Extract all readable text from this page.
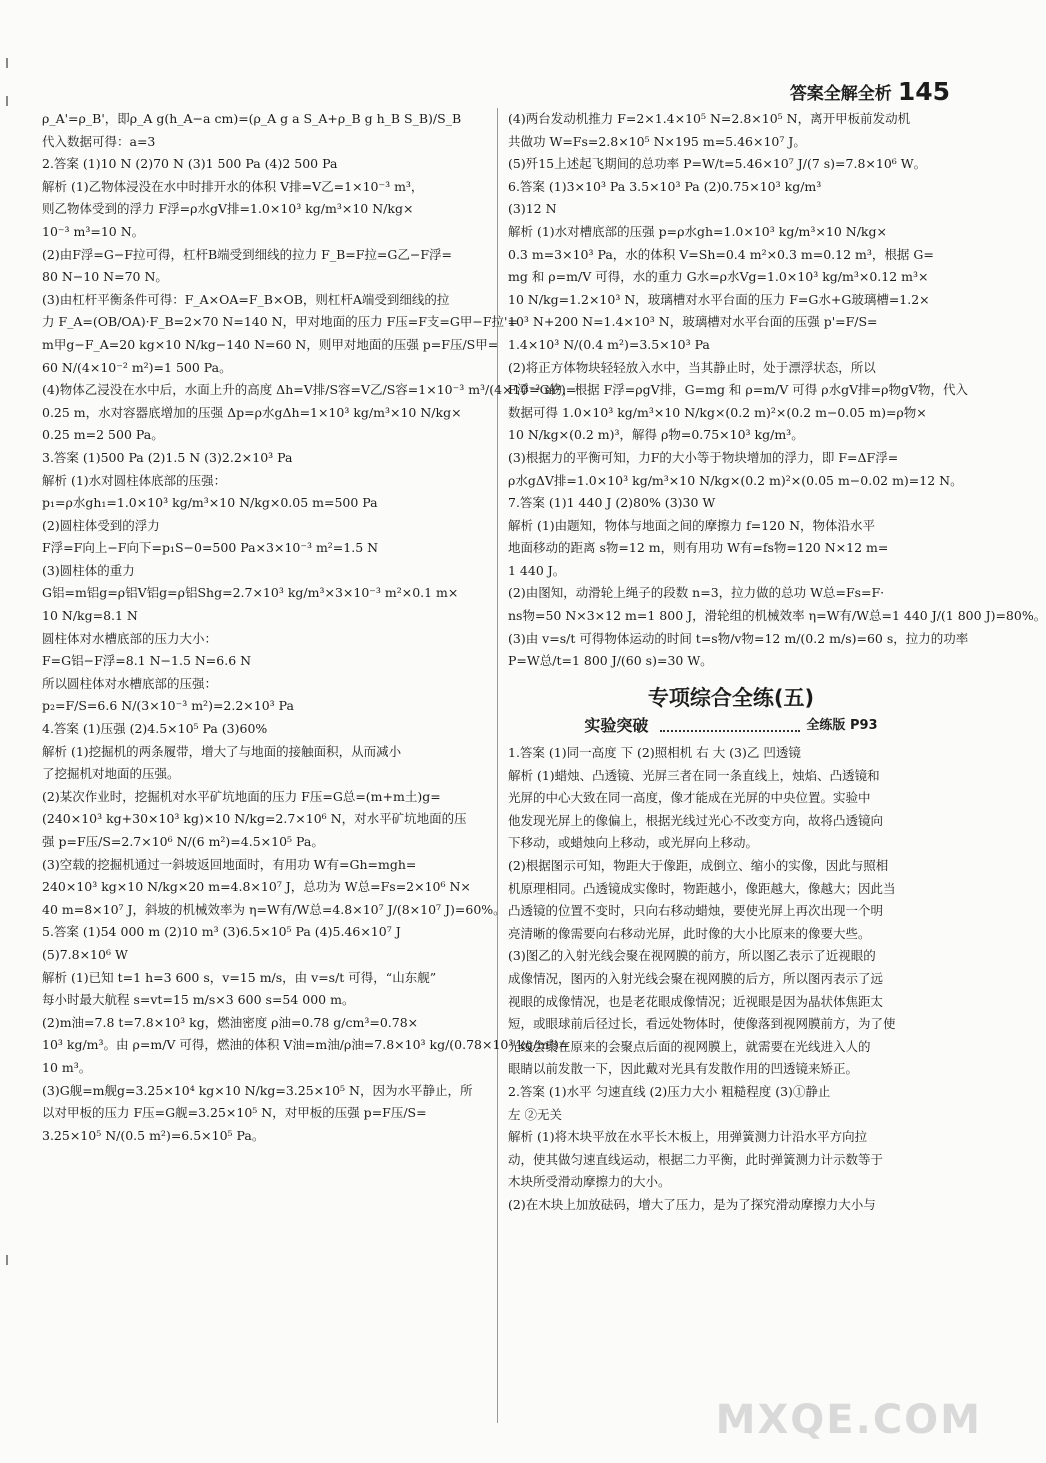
答案全解全析 145
ρ_A'=ρ_B'，即ρ_A g(h_A−a cm)=(ρ_A g a S_A+ρ_B g h_B S_B)/S_B
代入数据可得：a=3
2.答案 (1)10 N (2)70 N (3)1 500 Pa (4)2 500 Pa
解析 (1)乙物体浸没在水中时排开水的体积 V排=V乙=1×10⁻³ m³，
则乙物体受到的浮力 F浮=ρ水gV排=1.0×10³ kg/m³×10 N/kg×
10⁻³ m³=10 N。
(2)由F浮=G−F拉可得，杠杆B端受到细线的拉力 F_B=F拉=G乙−F浮=
80 N−10 N=70 N。
(3)由杠杆平衡条件可得：F_A×OA=F_B×OB，则杠杆A端受到细线的拉
力 F_A=(OB/OA)·F_B=2×70 N=140 N，甲对地面的压力 F压=F支=G甲−F拉'=
m甲g−F_A=20 kg×10 N/kg−140 N=60 N，则甲对地面的压强 p=F压/S甲=
60 N/(4×10⁻² m²)=1 500 Pa。
(4)物体乙浸没在水中后，水面上升的高度 Δh=V排/S容=V乙/S容=1×10⁻³ m³/(4×10⁻³ m²)=
0.25 m，水对容器底增加的压强 Δp=ρ水gΔh=1×10³ kg/m³×10 N/kg×
0.25 m=2 500 Pa。
3.答案 (1)500 Pa (2)1.5 N (3)2.2×10³ Pa
解析 (1)水对圆柱体底部的压强：
p₁=ρ水gh₁=1.0×10³ kg/m³×10 N/kg×0.05 m=500 Pa
(2)圆柱体受到的浮力
F浮=F向上−F向下=p₁S−0=500 Pa×3×10⁻³ m²=1.5 N
(3)圆柱体的重力
G铝=m铝g=ρ铝V铝g=ρ铝Shg=2.7×10³ kg/m³×3×10⁻³ m²×0.1 m×
10 N/kg=8.1 N
圆柱体对水槽底部的压力大小：
F=G铝−F浮=8.1 N−1.5 N=6.6 N
所以圆柱体对水槽底部的压强：
p₂=F/S=6.6 N/(3×10⁻³ m²)=2.2×10³ Pa
4.答案 (1)压强 (2)4.5×10⁵ Pa (3)60%
解析 (1)挖掘机的两条履带，增大了与地面的接触面积，从而减小
了挖掘机对地面的压强。
(2)某次作业时，挖掘机对水平矿坑地面的压力 F压=G总=(m+m土)g=
(240×10³ kg+30×10³ kg)×10 N/kg=2.7×10⁶ N，对水平矿坑地面的压
强 p=F压/S=2.7×10⁶ N/(6 m²)=4.5×10⁵ Pa。
(3)空载的挖掘机通过一斜坡返回地面时，有用功 W有=Gh=mgh=
240×10³ kg×10 N/kg×20 m=4.8×10⁷ J，总功为 W总=Fs=2×10⁶ N×
40 m=8×10⁷ J，斜坡的机械效率为 η=W有/W总=4.8×10⁷ J/(8×10⁷ J)=60%。
5.答案 (1)54 000 m (2)10 m³ (3)6.5×10⁵ Pa (4)5.46×10⁷ J
(5)7.8×10⁶ W
解析 (1)已知 t=1 h=3 600 s，v=15 m/s，由 v=s/t 可得，“山东舰”
每小时最大航程 s=vt=15 m/s×3 600 s=54 000 m。
(2)m油=7.8 t=7.8×10³ kg，燃油密度 ρ油=0.78 g/cm³=0.78×
10³ kg/m³。由 ρ=m/V 可得，燃油的体积 V油=m油/ρ油=7.8×10³ kg/(0.78×10³ kg/m³)=
10 m³。
(3)G舰=m舰g=3.25×10⁴ kg×10 N/kg=3.25×10⁵ N，因为水平静止，所
以对甲板的压力 F压=G舰=3.25×10⁵ N，对甲板的压强 p=F压/S=
3.25×10⁵ N/(0.5 m²)=6.5×10⁵ Pa。
(4)两台发动机推力 F=2×1.4×10⁵ N=2.8×10⁵ N，离开甲板前发动机
共做功 W=Fs=2.8×10⁵ N×195 m=5.46×10⁷ J。
(5)歼15上述起飞期间的总功率 P=W/t=5.46×10⁷ J/(7 s)=7.8×10⁶ W。
6.答案 (1)3×10³ Pa 3.5×10³ Pa (2)0.75×10³ kg/m³
(3)12 N
解析 (1)水对槽底部的压强 p=ρ水gh=1.0×10³ kg/m³×10 N/kg×
0.3 m=3×10³ Pa，水的体积 V=Sh=0.4 m²×0.3 m=0.12 m³，根据 G=
mg 和 ρ=m/V 可得，水的重力 G水=ρ水Vg=1.0×10³ kg/m³×0.12 m³×
10 N/kg=1.2×10³ N，玻璃槽对水平台面的压力 F=G水+G玻璃槽=1.2×
10³ N+200 N=1.4×10³ N，玻璃槽对水平台面的压强 p'=F/S=
1.4×10³ N/(0.4 m²)=3.5×10³ Pa
(2)将正方体物块轻轻放入水中，当其静止时，处于漂浮状态，所以
F浮=G物，根据 F浮=ρgV排，G=mg 和 ρ=m/V 可得 ρ水gV排=ρ物gV物，代入
数据可得 1.0×10³ kg/m³×10 N/kg×(0.2 m)²×(0.2 m−0.05 m)=ρ物×
10 N/kg×(0.2 m)³，解得 ρ物=0.75×10³ kg/m³。
(3)根据力的平衡可知，力F的大小等于物块增加的浮力，即 F=ΔF浮=
ρ水gΔV排=1.0×10³ kg/m³×10 N/kg×(0.2 m)²×(0.05 m−0.02 m)=12 N。
7.答案 (1)1 440 J (2)80% (3)30 W
解析 (1)由题知，物体与地面之间的摩擦力 f=120 N，物体沿水平
地面移动的距离 s物=12 m，则有用功 W有=fs物=120 N×12 m=
1 440 J。
(2)由图知，动滑轮上绳子的段数 n=3，拉力做的总功 W总=Fs=F·
ns物=50 N×3×12 m=1 800 J，滑轮组的机械效率 η=W有/W总=1 440 J/(1 800 J)=80%。
(3)由 v=s/t 可得物体运动的时间 t=s物/v物=12 m/(0.2 m/s)=60 s，拉力的功率
P=W总/t=1 800 J/(60 s)=30 W。
专项综合全练(五)
实验突破	全练版 P93
1.答案 (1)同一高度 下 (2)照相机 右 大 (3)乙 凹透镜
解析 (1)蜡烛、凸透镜、光屏三者在同一条直线上，烛焰、凸透镜和
光屏的中心大致在同一高度，像才能成在光屏的中央位置。实验中
他发现光屏上的像偏上，根据光线过光心不改变方向，故将凸透镜向
下移动，或蜡烛向上移动，或光屏向上移动。
(2)根据图示可知，物距大于像距，成倒立、缩小的实像，因此与照相
机原理相同。凸透镜成实像时，物距越小，像距越大，像越大；因此当
凸透镜的位置不变时，只向右移动蜡烛，要使光屏上再次出现一个明
亮清晰的像需要向右移动光屏，此时像的大小比原来的像要大些。
(3)图乙的入射光线会聚在视网膜的前方，所以图乙表示了近视眼的
成像情况，图丙的入射光线会聚在视网膜的后方，所以图丙表示了远
视眼的成像情况，也是老花眼成像情况；近视眼是因为晶状体焦距太
短，或眼球前后径过长，看远处物体时，使像落到视网膜前方，为了使
光线会聚在原来的会聚点后面的视网膜上，就需要在光线进入人的
眼睛以前发散一下，因此戴对光具有发散作用的凹透镜来矫正。
2.答案 (1)水平 匀速直线 (2)压力大小 粗糙程度 (3)①静止
左 ②无关
解析 (1)将木块平放在水平长木板上，用弹簧测力计沿水平方向拉
动，使其做匀速直线运动，根据二力平衡，此时弹簧测力计示数等于
木块所受滑动摩擦力的大小。
(2)在木块上加放砝码，增大了压力，是为了探究滑动摩擦力大小与
MXQE.COM
